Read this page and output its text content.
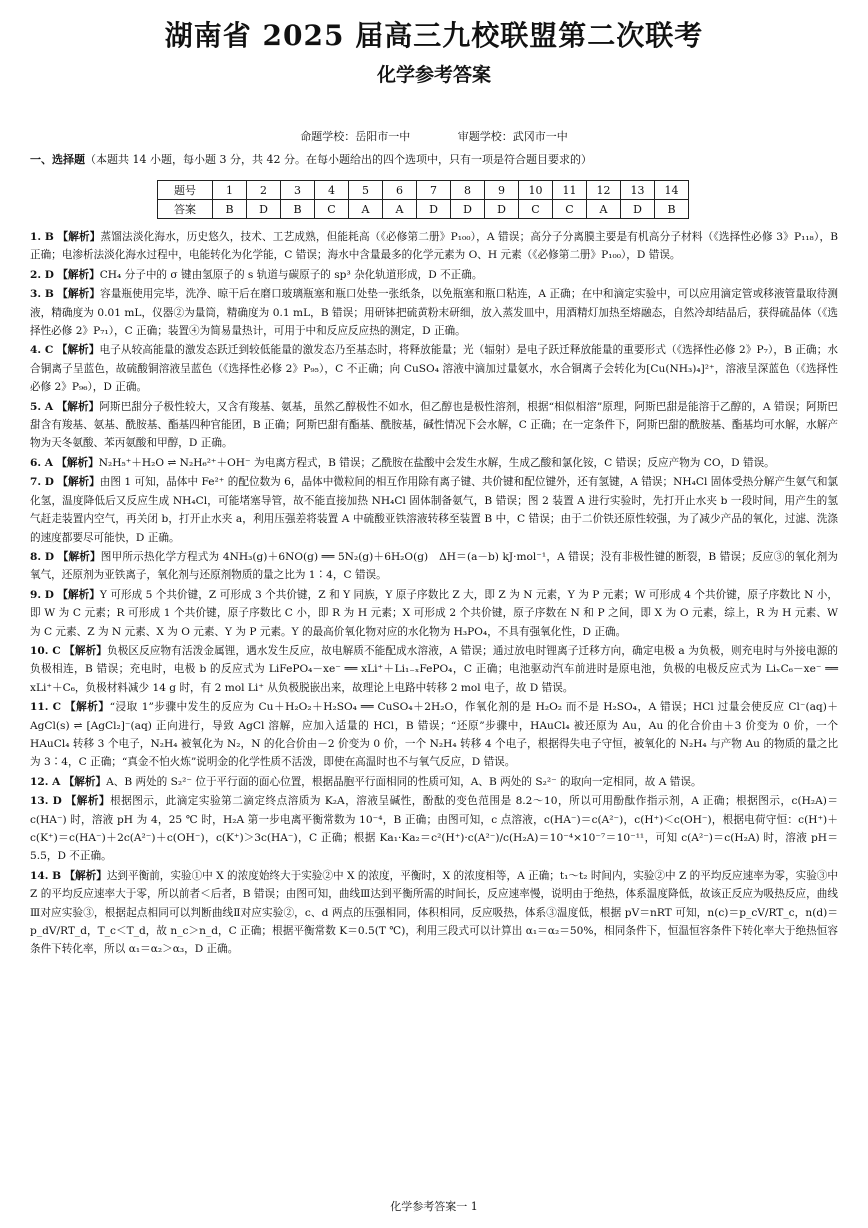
湖南省 2025 届高三九校联盟第二次联考
化学参考答案
命题学校：岳阳市一中	审题学校：武冈市一中
一、选择题（本题共 14 小题，每小题 3 分，共 42 分。在每小题给出的四个选项中，只有一项是符合题目要求的）
题号	1	2	3	4	5	6	7	8	9	10	11	12	13	14
答案	B	D	B	C	A	A	D	D	D	C	C	A	D	B
1. B 【解析】蒸馏法淡化海水，历史悠久，技术、工艺成熟，但能耗高（《必修第二册》P₁₀₀），A 错误；高分子分离膜主要是有机高分子材料（《选择性必修 3》P₁₁₈），B 正确；电渗析法淡化海水过程中，电能转化为化学能，C 错误；海水中含量最多的化学元素为 O、H 元素（《必修第二册》P₁₀₀），D 错误。
2. D 【解析】CH₄ 分子中的 σ 键由氢原子的 s 轨道与碳原子的 sp³ 杂化轨道形成，D 不正确。
3. B 【解析】容量瓶使用完毕，洗净、晾干后在磨口玻璃瓶塞和瓶口处垫一张纸条，以免瓶塞和瓶口粘连，A 正确；在中和滴定实验中，可以应用滴定管或移液管量取待测液，精确度为 0.01 mL，仪器②为量筒，精确度为 0.1 mL，B 错误；用研钵把硫黄粉末研细，放入蒸发皿中，用酒精灯加热至熔融态，自然冷却结晶后，获得硫晶体（《选择性必修 2》P₇₁），C 正确；装置④为简易量热计，可用于中和反应反应热的测定，D 正确。
4. C 【解析】电子从较高能量的激发态跃迁到较低能量的激发态乃至基态时，将释放能量；光（辐射）是电子跃迁释放能量的重要形式（《选择性必修 2》P₇），B 正确；水合铜离子呈蓝色，故硫酸铜溶液呈蓝色（《选择性必修 2》P₉₅），C 不正确；向 CuSO₄ 溶液中滴加过量氨水，水合铜离子会转化为[Cu(NH₃)₄]²⁺，溶液呈深蓝色（《选择性必修 2》P₉₆），D 正确。
5. A 【解析】阿斯巴甜分子极性较大，又含有羧基、氨基，虽然乙醇极性不如水，但乙醇也是极性溶剂，根据“相似相溶”原理，阿斯巴甜是能溶于乙醇的，A 错误；阿斯巴甜含有羧基、氨基、酰胺基、酯基四种官能团，B 正确；阿斯巴甜有酯基、酰胺基，碱性情况下会水解，C 正确；在一定条件下，阿斯巴甜的酰胺基、酯基均可水解，水解产物为天冬氨酸、苯丙氨酸和甲醇，D 正确。
6. A 【解析】N₂H₅⁺＋H₂O ⇌ N₂H₆²⁺＋OH⁻ 为电离方程式，B 错误；乙酰胺在盐酸中会发生水解，生成乙酸和氯化铵，C 错误；反应产物为 CO，D 错误。
7. D 【解析】由图 1 可知，晶体中 Fe²⁺ 的配位数为 6，晶体中微粒间的相互作用除有离子键、共价键和配位键外，还有氢键，A 错误；NH₄Cl 固体受热分解产生氨气和氯化氢，温度降低后又反应生成 NH₄Cl，可能堵塞导管，故不能直接加热 NH₄Cl 固体制备氨气，B 错误；图 2 装置 A 进行实验时，先打开止水夹 b 一段时间，用产生的氢气赶走装置内空气，再关闭 b，打开止水夹 a，利用压强差将装置 A 中硫酸亚铁溶液转移至装置 B 中，C 错误；由于二价铁还原性较强，为了减少产品的氧化，过滤、洗涤的速度都要尽可能快，D 正确。
8. D 【解析】图甲所示热化学方程式为 4NH₃(g)＋6NO(g) ══ 5N₂(g)＋6H₂O(g)　ΔH＝(a－b) kJ·mol⁻¹，A 错误；没有非极性键的断裂，B 错误；反应③的氧化剂为氧气，还原剂为亚铁离子，氧化剂与还原剂物质的量之比为 1∶4，C 错误。
9. D 【解析】Y 可形成 5 个共价键，Z 可形成 3 个共价键，Z 和 Y 同族，Y 原子序数比 Z 大，即 Z 为 N 元素，Y 为 P 元素；W 可形成 4 个共价键，原子序数比 N 小，即 W 为 C 元素；R 可形成 1 个共价键，原子序数比 C 小，即 R 为 H 元素；X 可形成 2 个共价键，原子序数在 N 和 P 之间，即 X 为 O 元素，综上，R 为 H 元素、W 为 C 元素、Z 为 N 元素、X 为 O 元素、Y 为 P 元素。Y 的最高价氧化物对应的水化物为 H₃PO₄，不具有强氧化性，D 正确。
10. C 【解析】负极区反应物有活泼金属锂，遇水发生反应，故电解质不能配成水溶液，A 错误；通过放电时锂离子迁移方向，确定电极 a 为负极，则充电时与外接电源的负极相连，B 错误；充电时，电极 b 的反应式为 LiFePO₄－xe⁻ ══ xLi⁺＋Li₁₋ₓFePO₄，C 正确；电池驱动汽车前进时是原电池，负极的电极反应式为 LiₓC₆－xe⁻ ══ xLi⁺＋C₆，负极材料减少 14 g 时，有 2 mol Li⁺ 从负极脱嵌出来，故理论上电路中转移 2 mol 电子，故 D 错误。
11. C 【解析】“浸取 1”步骤中发生的反应为 Cu＋H₂O₂＋H₂SO₄ ══ CuSO₄＋2H₂O，作氧化剂的是 H₂O₂ 而不是 H₂SO₄，A 错误；HCl 过量会使反应 Cl⁻(aq)＋AgCl(s) ⇌ [AgCl₂]⁻(aq) 正向进行，导致 AgCl 溶解，应加入适量的 HCl，B 错误；“还原”步骤中，HAuCl₄ 被还原为 Au，Au 的化合价由＋3 价变为 0 价，一个 HAuCl₄ 转移 3 个电子，N₂H₄ 被氧化为 N₂，N 的化合价由－2 价变为 0 价，一个 N₂H₄ 转移 4 个电子，根据得失电子守恒，被氧化的 N₂H₄ 与产物 Au 的物质的量之比为 3∶4，C 正确；“真金不怕火炼”说明金的化学性质不活泼，即使在高温时也不与氧气反应，D 错误。
12. A 【解析】A、B 两处的 S₂²⁻ 位于平行面的面心位置，根据晶胞平行面相同的性质可知，A、B 两处的 S₂²⁻ 的取向一定相同，故 A 错误。
13. D 【解析】根据图示，此滴定实验第二滴定终点溶质为 K₂A，溶液呈碱性，酚酞的变色范围是 8.2～10，所以可用酚酞作指示剂，A 正确；根据图示，c(H₂A)＝c(HA⁻) 时，溶液 pH 为 4，25 ℃ 时，H₂A 第一步电离平衡常数为 10⁻⁴，B 正确；由图可知，c 点溶液，c(HA⁻)＝c(A²⁻)，c(H⁺)＜c(OH⁻)，根据电荷守恒：c(H⁺)＋c(K⁺)＝c(HA⁻)＋2c(A²⁻)＋c(OH⁻)，c(K⁺)＞3c(HA⁻)，C 正确；根据 Ka₁·Ka₂＝c²(H⁺)·c(A²⁻)/c(H₂A)＝10⁻⁴×10⁻⁷＝10⁻¹¹，可知 c(A²⁻)＝c(H₂A) 时，溶液 pH＝5.5，D 不正确。
14. B 【解析】达到平衡前，实验①中 X 的浓度始终大于实验②中 X 的浓度，平衡时，X 的浓度相等，A 正确；t₁～t₂ 时间内，实验②中 Z 的平均反应速率为零，实验③中 Z 的平均反应速率大于零，所以前者＜后者，B 错误；由图可知，曲线Ⅲ达到平衡所需的时间长，反应速率慢，说明由于绝热，体系温度降低，故该正反应为吸热反应，曲线Ⅲ对应实验③，根据起点相同可以判断曲线Ⅱ对应实验②，c、d 两点的压强相同，体积相同，反应吸热，体系③温度低，根据 pV＝nRT 可知，n(c)＝p_cV/RT_c，n(d)＝p_dV/RT_d，T_c＜T_d，故 n_c＞n_d，C 正确；根据平衡常数 K＝0.5(T ℃)，利用三段式可以计算出 α₁＝α₂＝50%，相同条件下，恒温恒容条件下转化率大于绝热恒容条件下转化率，所以 α₁＝α₂＞α₃，D 正确。
化学参考答案一 1
